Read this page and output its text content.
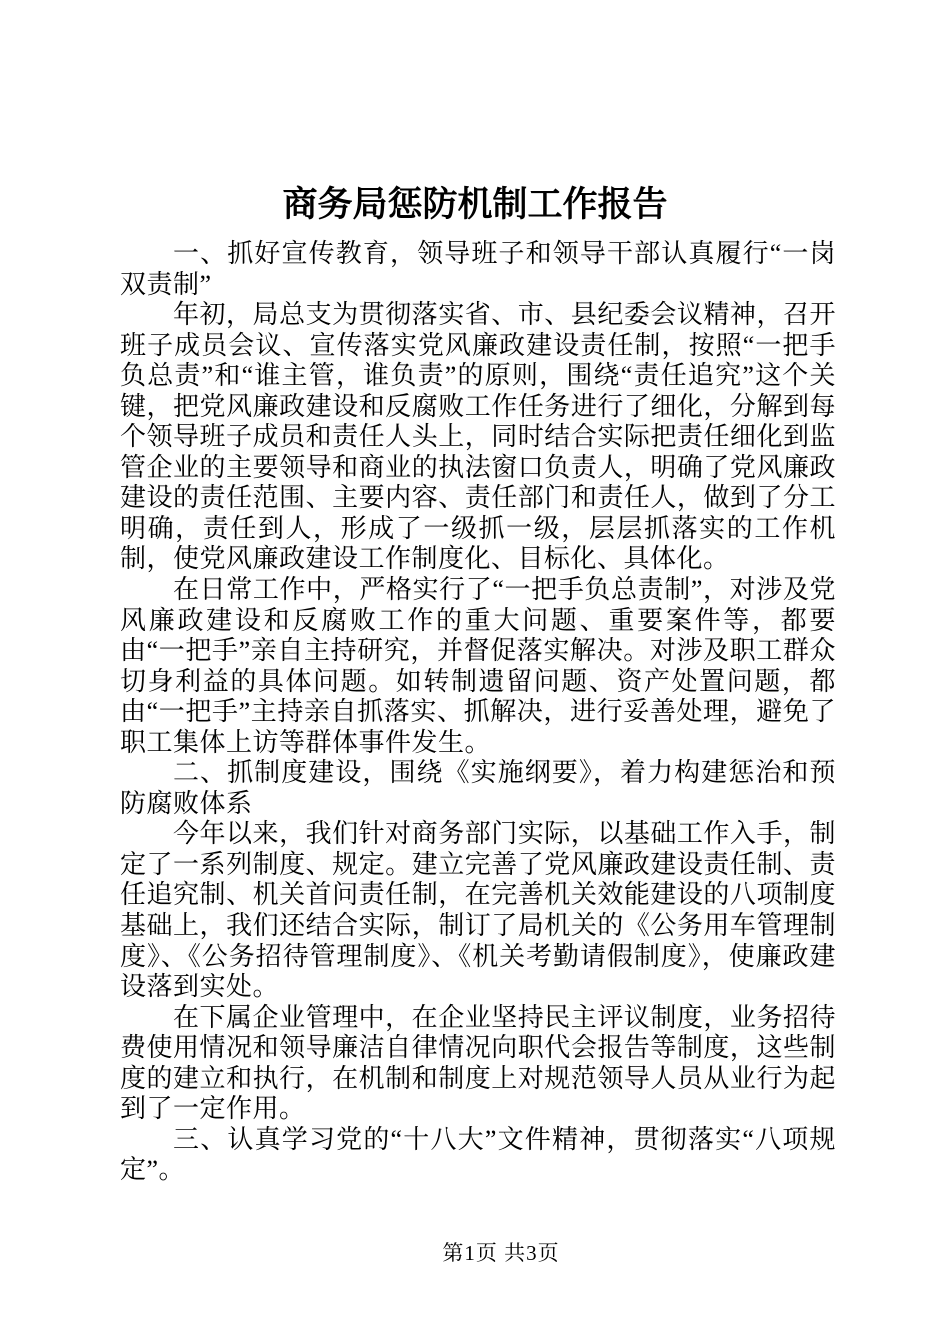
商务局惩防机制工作报告

一、抓好宣传教育，领导班子和领导干部认真履行“一岗双责制”

年初，局总支为贯彻落实省、市、县纪委会议精神，召开班子成员会议、宣传落实党风廉政建设责任制，按照“一把手负总责”和“谁主管，谁负责”的原则，围绕“责任追究”这个关键，把党风廉政建设和反腐败工作任务进行了细化，分解到每个领导班子成员和责任人头上，同时结合实际把责任细化到监管企业的主要领导和商业的执法窗口负责人，明确了党风廉政建设的责任范围、主要内容、责任部门和责任人，做到了分工明确，责任到人，形成了一级抓一级，层层抓落实的工作机制，使党风廉政建设工作制度化、目标化、具体化。

在日常工作中，严格实行了“一把手负总责制”，对涉及党风廉政建设和反腐败工作的重大问题、重要案件等，都要由“一把手”亲自主持研究，并督促落实解决。对涉及职工群众切身利益的具体问题。如转制遗留问题、资产处置问题，都由“一把手”主持亲自抓落实、抓解决，进行妥善处理，避免了职工集体上访等群体事件发生。

二、抓制度建设，围绕《实施纲要》，着力构建惩治和预防腐败体系

今年以来，我们针对商务部门实际，以基础工作入手，制定了一系列制度、规定。建立完善了党风廉政建设责任制、责任追究制、机关首问责任制，在完善机关效能建设的八项制度基础上，我们还结合实际，制订了局机关的《公务用车管理制度》、《公务招待管理制度》、《机关考勤请假制度》，使廉政建设落到实处。

在下属企业管理中，在企业坚持民主评议制度，业务招待费使用情况和领导廉洁自律情况向职代会报告等制度，这些制度的建立和执行，在机制和制度上对规范领导人员从业行为起到了一定作用。

三、认真学习党的“十八大”文件精神，贯彻落实“八项规定”。

第1页 共3页
